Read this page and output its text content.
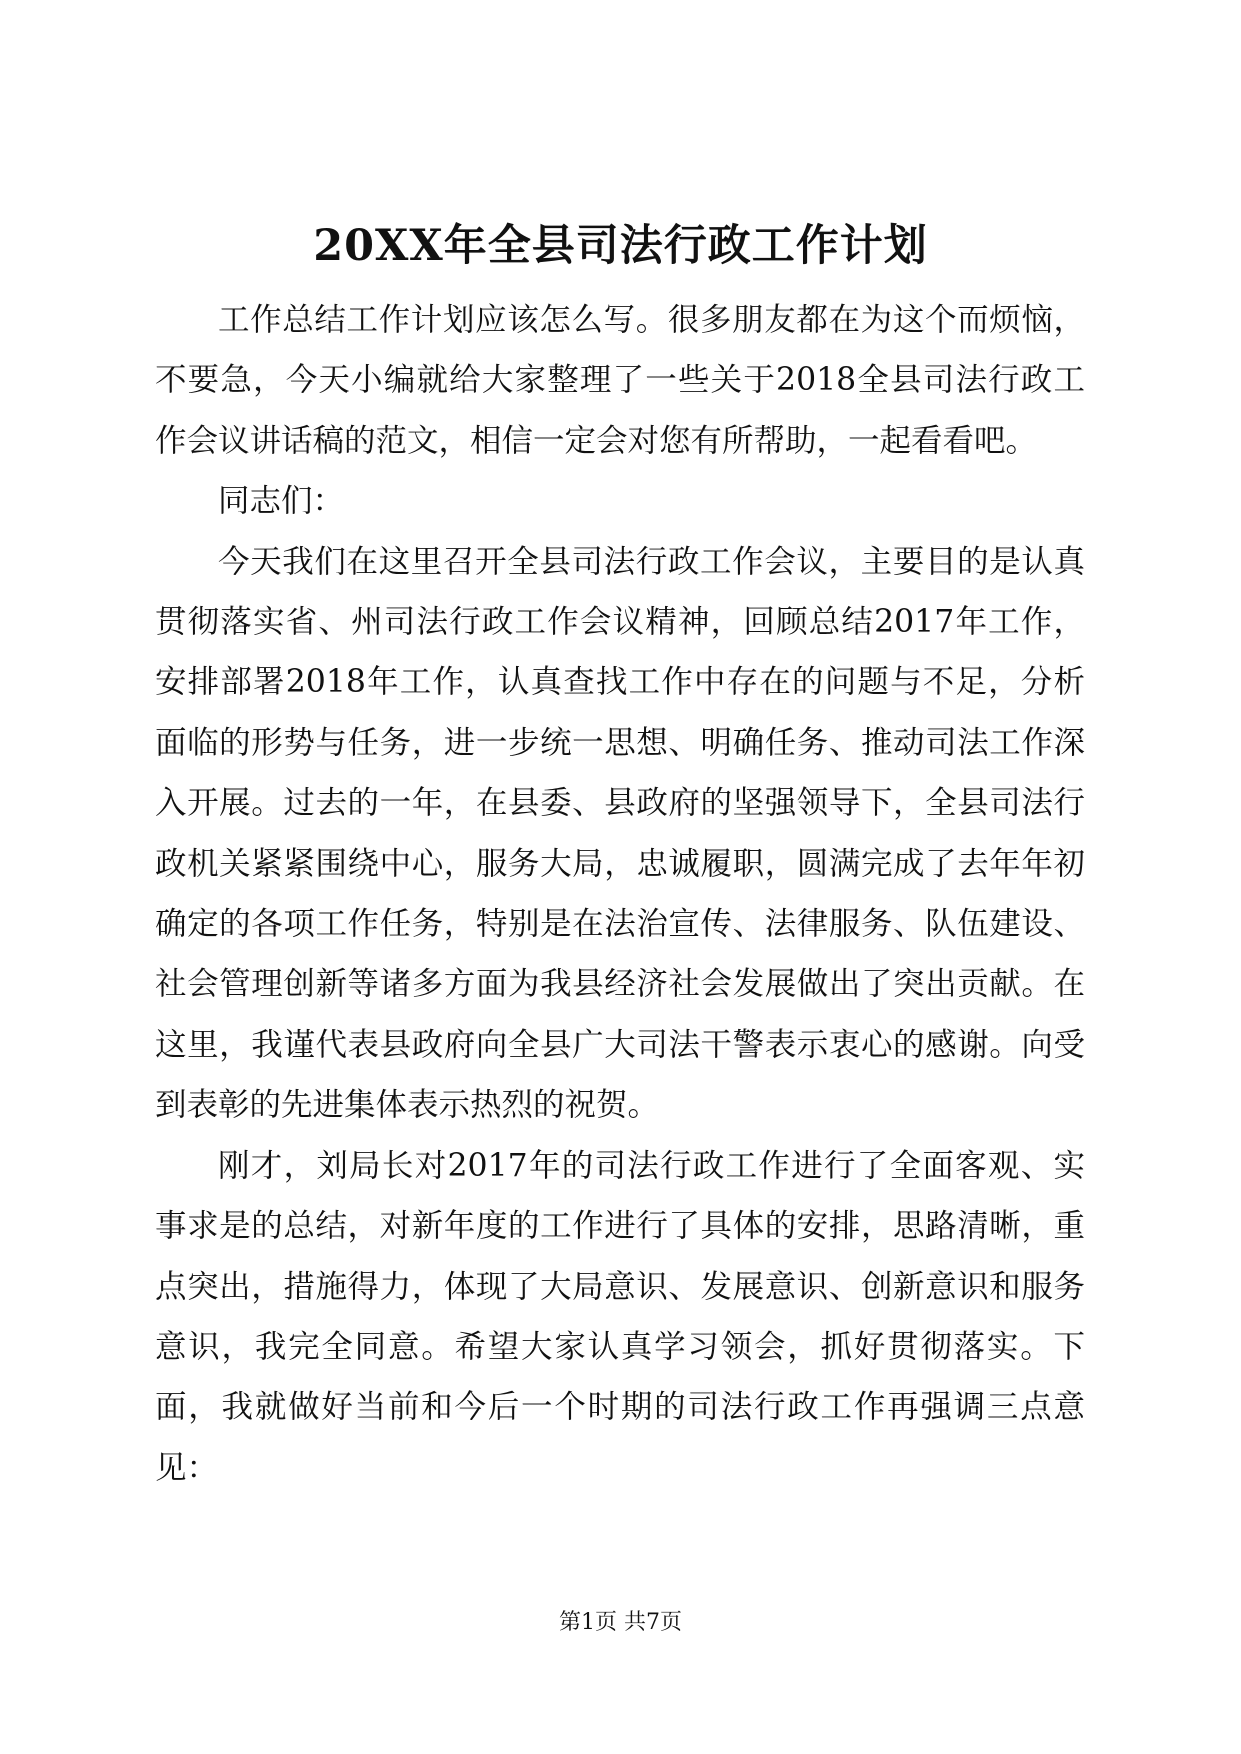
20XX年全县司法行政工作计划

工作总结工作计划应该怎么写。很多朋友都在为这个而烦恼，不要急，今天小编就给大家整理了一些关于2018全县司法行政工作会议讲话稿的范文，相信一定会对您有所帮助，一起看看吧。

同志们：

今天我们在这里召开全县司法行政工作会议，主要目的是认真贯彻落实省、州司法行政工作会议精神，回顾总结2017年工作，安排部署2018年工作，认真查找工作中存在的问题与不足，分析面临的形势与任务，进一步统一思想、明确任务、推动司法工作深入开展。过去的一年，在县委、县政府的坚强领导下，全县司法行政机关紧紧围绕中心，服务大局，忠诚履职，圆满完成了去年年初确定的各项工作任务，特别是在法治宣传、法律服务、队伍建设、社会管理创新等诸多方面为我县经济社会发展做出了突出贡献。在这里，我谨代表县政府向全县广大司法干警表示衷心的感谢。向受到表彰的先进集体表示热烈的祝贺。

刚才，刘局长对2017年的司法行政工作进行了全面客观、实事求是的总结，对新年度的工作进行了具体的安排，思路清晰，重点突出，措施得力，体现了大局意识、发展意识、创新意识和服务意识，我完全同意。希望大家认真学习领会，抓好贯彻落实。下面，我就做好当前和今后一个时期的司法行政工作再强调三点意见：

第1页 共7页
